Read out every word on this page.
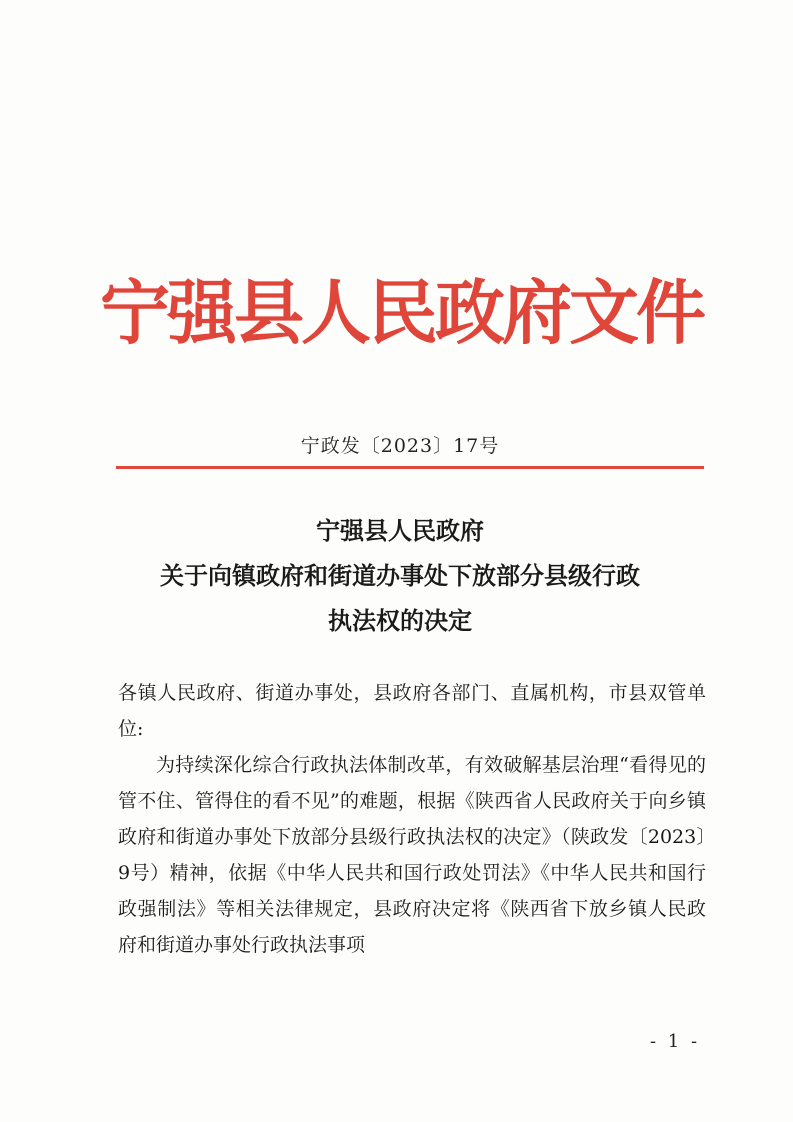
宁强县人民政府文件
宁政发〔2023〕17号
宁强县人民政府
关于向镇政府和街道办事处下放部分县级行政
执法权的决定

各镇人民政府、街道办事处，县政府各部门、直属机构，市县双管单位:

为持续深化综合行政执法体制改革，有效破解基层治理“看得见的管不住、管得住的看不见”的难题，根据《陕西省人民政府关于向乡镇政府和街道办事处下放部分县级行政执法权的决定》（陕政发〔2023〕9号）精神，依据《中华人民共和国行政处罚法》《中华人民共和国行政强制法》等相关法律规定，县政府决定将《陕西省下放乡镇人民政府和街道办事处行政执法事项

- 1 -
